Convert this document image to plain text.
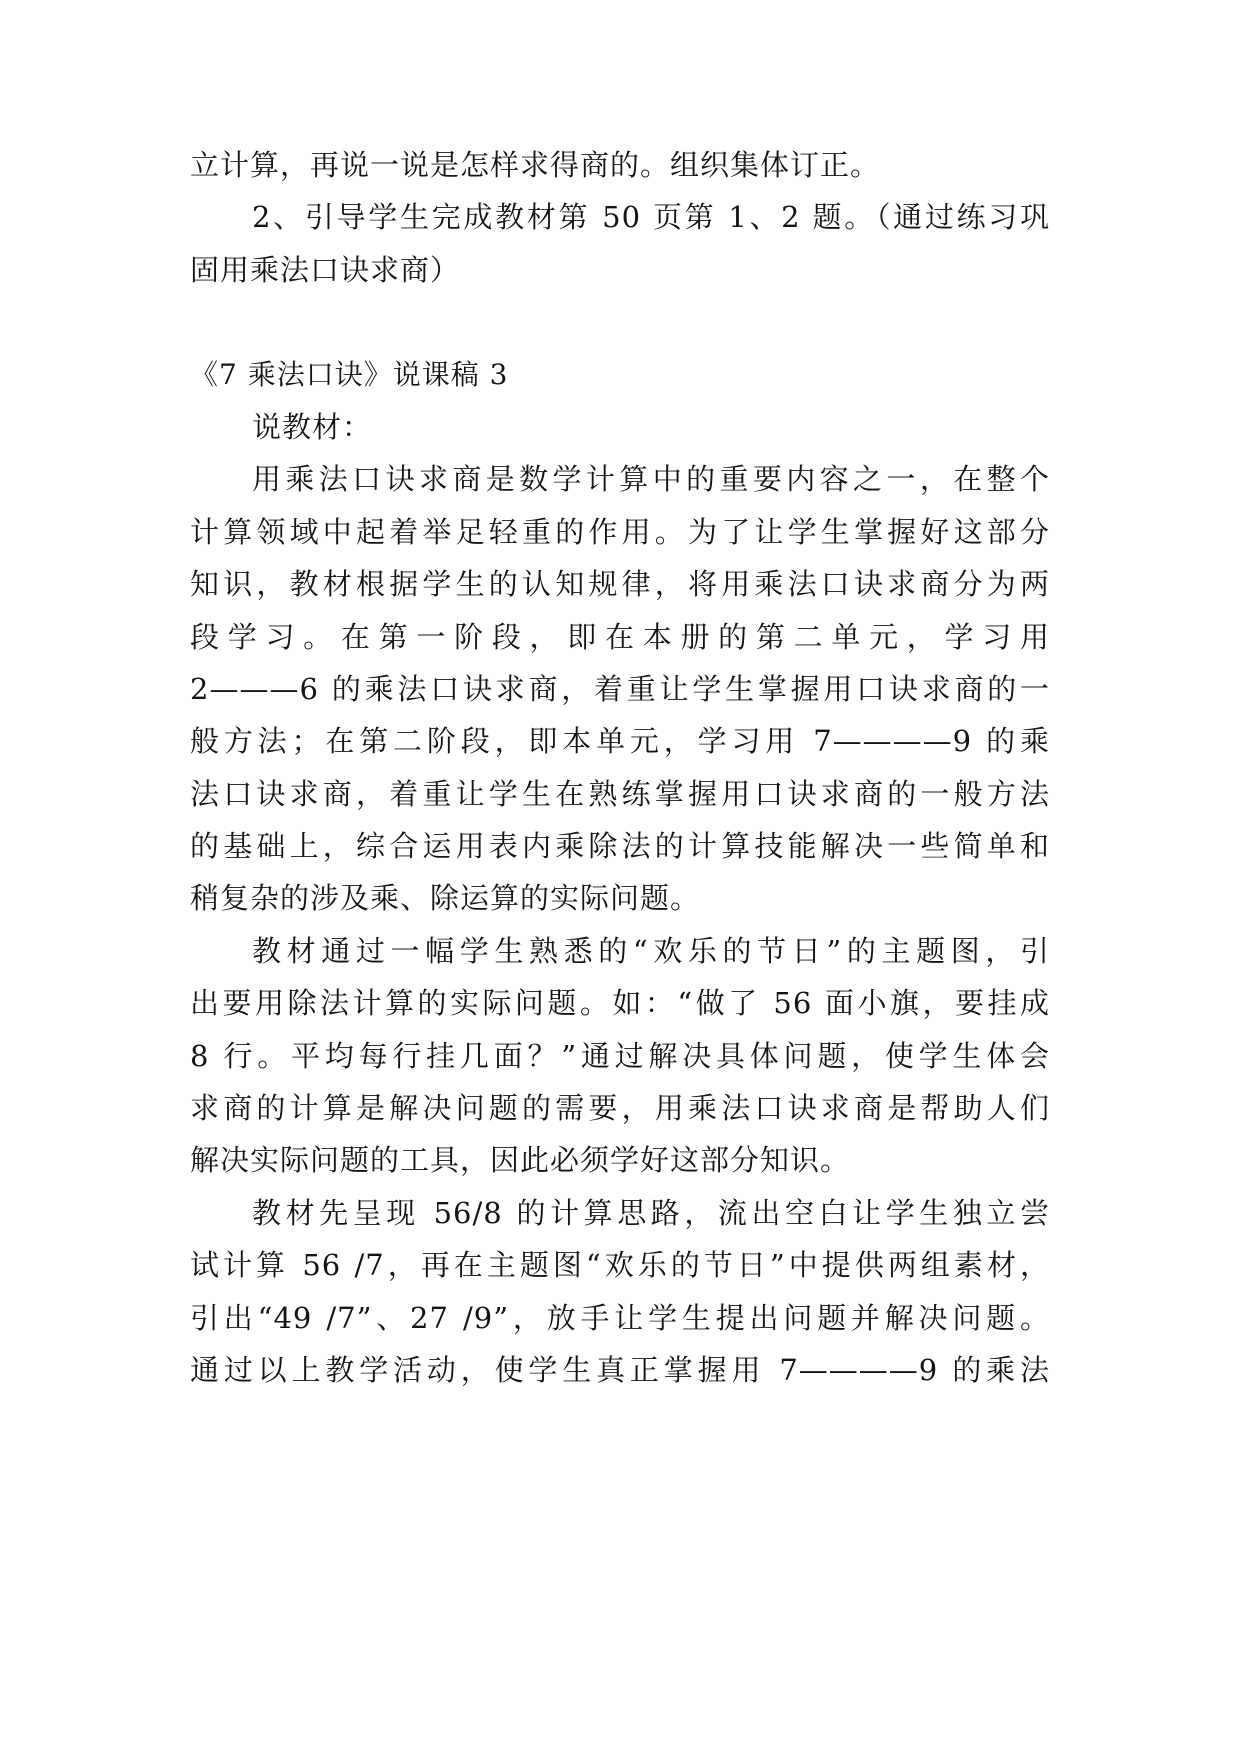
立计算，再说一说是怎样求得商的。组织集体订正。
2、引导学生完成教材第 50 页第 1、2 题。（通过练习巩
固用乘法口诀求商）
《7 乘法口诀》说课稿 3
说教材：
用乘法口诀求商是数学计算中的重要内容之一，在整个
计算领域中起着举足轻重的作用。为了让学生掌握好这部分
知识，教材根据学生的认知规律，将用乘法口诀求商分为两
段学习。在第一阶段，即在本册的第二单元，学习用
2———6 的乘法口诀求商，着重让学生掌握用口诀求商的一
般方法；在第二阶段，即本单元，学习用 7————9 的乘
法口诀求商，着重让学生在熟练掌握用口诀求商的一般方法
的基础上，综合运用表内乘除法的计算技能解决一些简单和
稍复杂的涉及乘、除运算的实际问题。
教材通过一幅学生熟悉的“欢乐的节日”的主题图，引
出要用除法计算的实际问题。如：“做了 56 面小旗，要挂成
8 行。平均每行挂几面？”通过解决具体问题，使学生体会
求商的计算是解决问题的需要，用乘法口诀求商是帮助人们
解决实际问题的工具，因此必须学好这部分知识。
教材先呈现 56/8 的计算思路，流出空白让学生独立尝
试计算 56 /7，再在主题图“欢乐的节日”中提供两组素材，
引出“49 /7”、27 /9”，放手让学生提出问题并解决问题。
通过以上教学活动，使学生真正掌握用 7————9 的乘法
